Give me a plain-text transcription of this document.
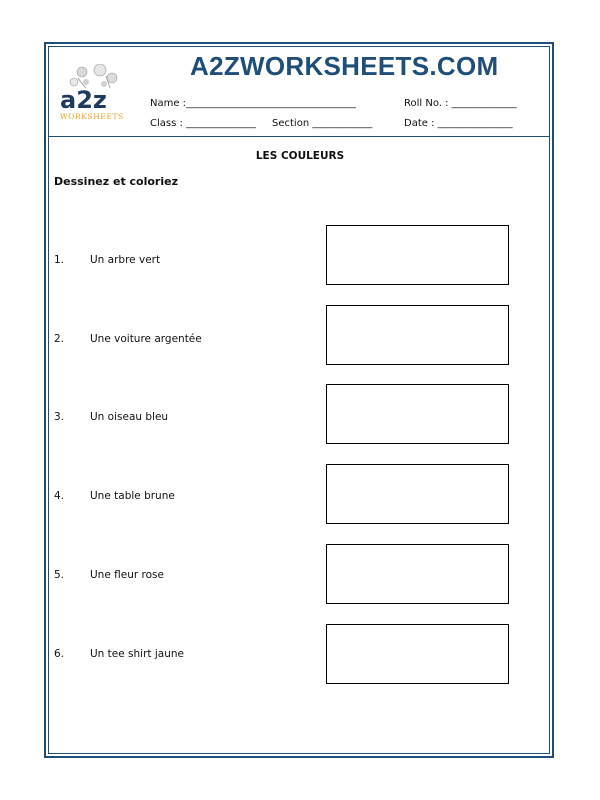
a2z
WORKSHEETS
A2ZWORKSHEETS.COM
Name :__________________________________	Roll No. : _____________
Class : ______________ Section ____________	Date : _______________
LES COULEURS
Dessinez et coloriez
1. Un arbre vert
2. Une voiture argentée
3. Un oiseau bleu
4. Une table brune
5. Une fleur rose
6. Un tee shirt jaune
